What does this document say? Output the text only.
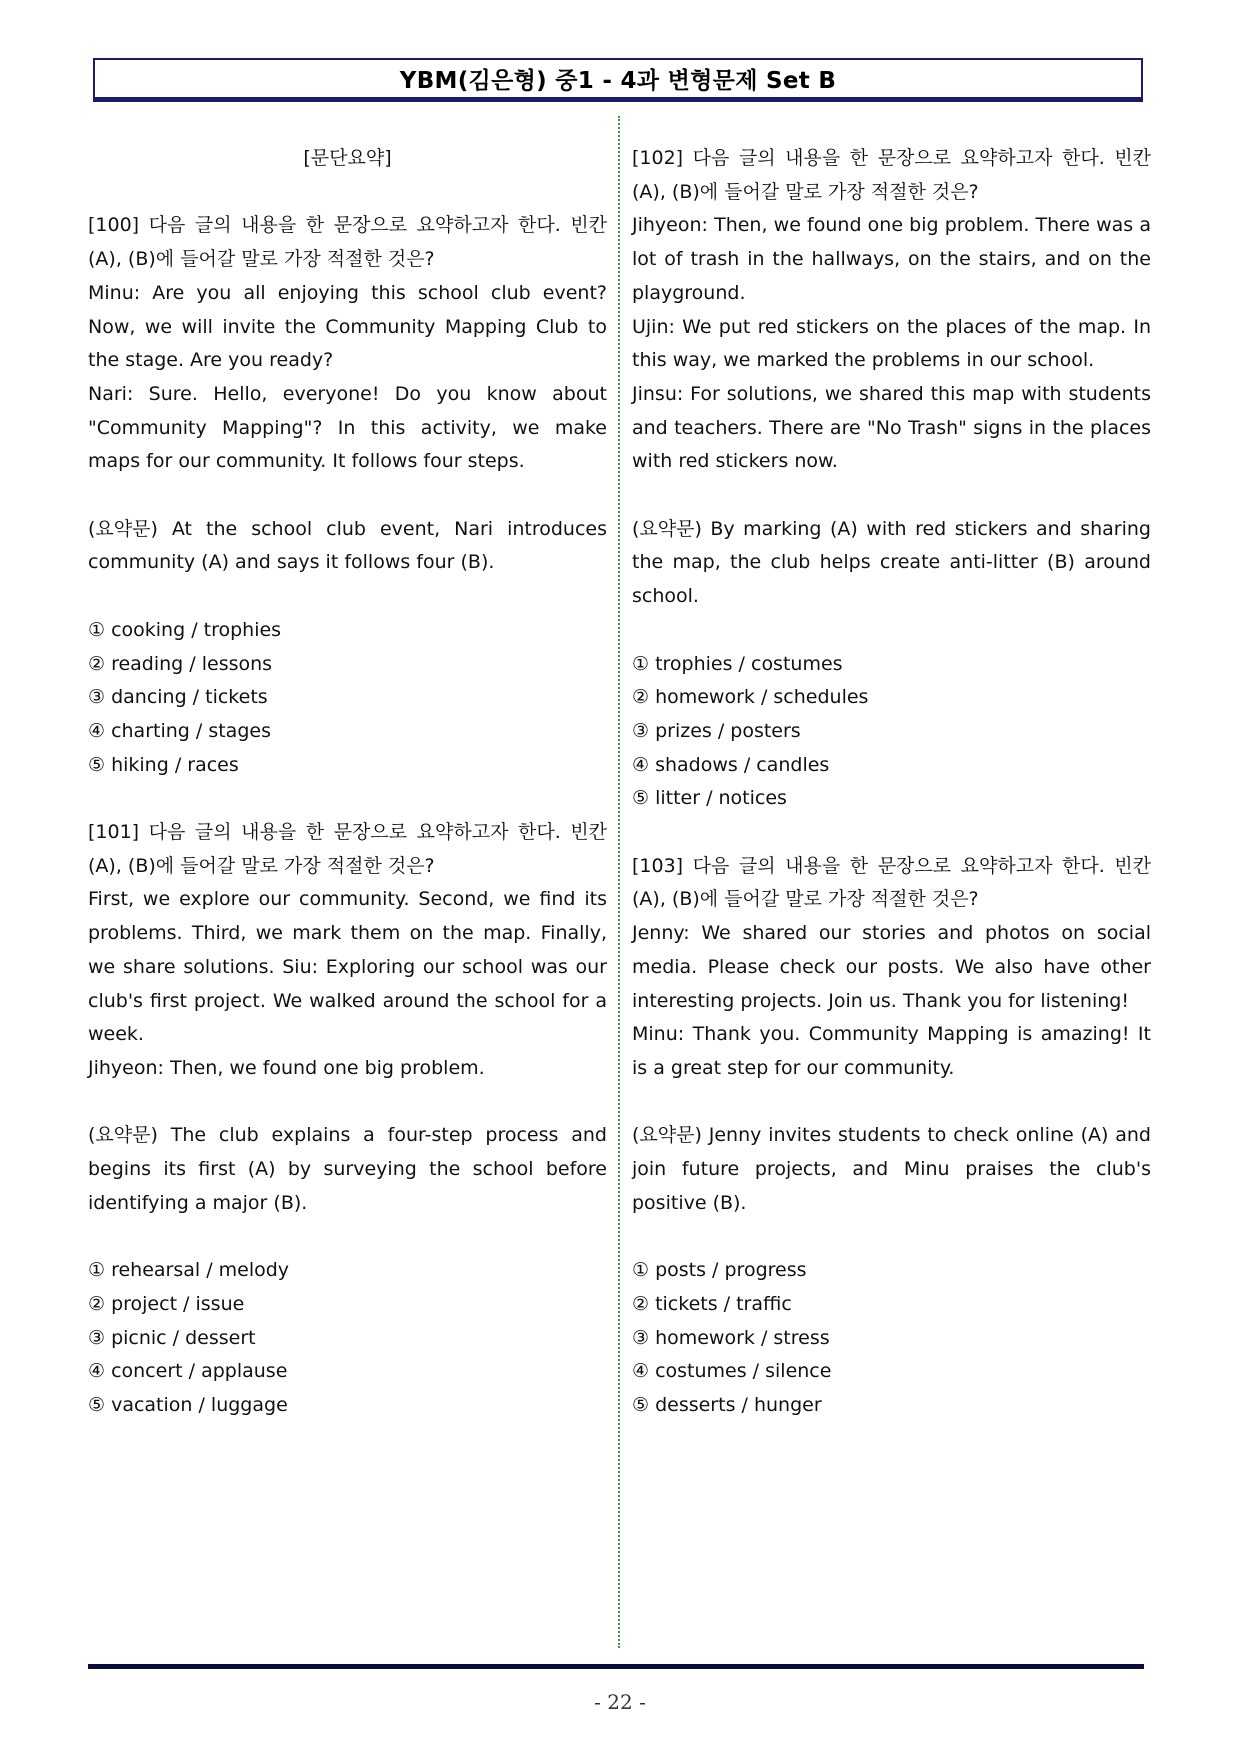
YBM(김은형) 중1 - 4과 변형문제 Set B

[문단요약]

[100] 다음 글의 내용을 한 문장으로 요약하고자 한다. 빈칸 (A), (B)에 들어갈 말로 가장 적절한 것은?

Minu: Are you all enjoying this school club event? Now, we will invite the Community Mapping Club to the stage. Are you ready?

Nari: Sure. Hello, everyone! Do you know about "Community Mapping"? In this activity, we make maps for our community. It follows four steps.

(요약문) At the school club event, Nari introduces community (A) and says it follows four (B).

① cooking / trophies

② reading / lessons

③ dancing / tickets

④ charting / stages

⑤ hiking / races

[101] 다음 글의 내용을 한 문장으로 요약하고자 한다. 빈칸 (A), (B)에 들어갈 말로 가장 적절한 것은?

First, we explore our community. Second, we find its problems. Third, we mark them on the map. Finally, we share solutions. Siu: Exploring our school was our club's first project. We walked around the school for a week.

Jihyeon: Then, we found one big problem.

(요약문) The club explains a four-step process and begins its first (A) by surveying the school before identifying a major (B).

① rehearsal / melody

② project / issue

③ picnic / dessert

④ concert / applause

⑤ vacation / luggage

[102] 다음 글의 내용을 한 문장으로 요약하고자 한다. 빈칸 (A), (B)에 들어갈 말로 가장 적절한 것은?

Jihyeon: Then, we found one big problem. There was a lot of trash in the hallways, on the stairs, and on the playground.

Ujin: We put red stickers on the places of the map. In this way, we marked the problems in our school.

Jinsu: For solutions, we shared this map with students and teachers. There are "No Trash" signs in the places with red stickers now.

(요약문) By marking (A) with red stickers and sharing the map, the club helps create anti-litter (B) around school.

① trophies / costumes

② homework / schedules

③ prizes / posters

④ shadows / candles

⑤ litter / notices

[103] 다음 글의 내용을 한 문장으로 요약하고자 한다. 빈칸 (A), (B)에 들어갈 말로 가장 적절한 것은?

Jenny: We shared our stories and photos on social media. Please check our posts. We also have other interesting projects. Join us. Thank you for listening!

Minu: Thank you. Community Mapping is amazing! It is a great step for our community.

(요약문) Jenny invites students to check online (A) and join future projects, and Minu praises the club's positive (B).

① posts / progress

② tickets / traffic

③ homework / stress

④ costumes / silence

⑤ desserts / hunger

- 22 -
